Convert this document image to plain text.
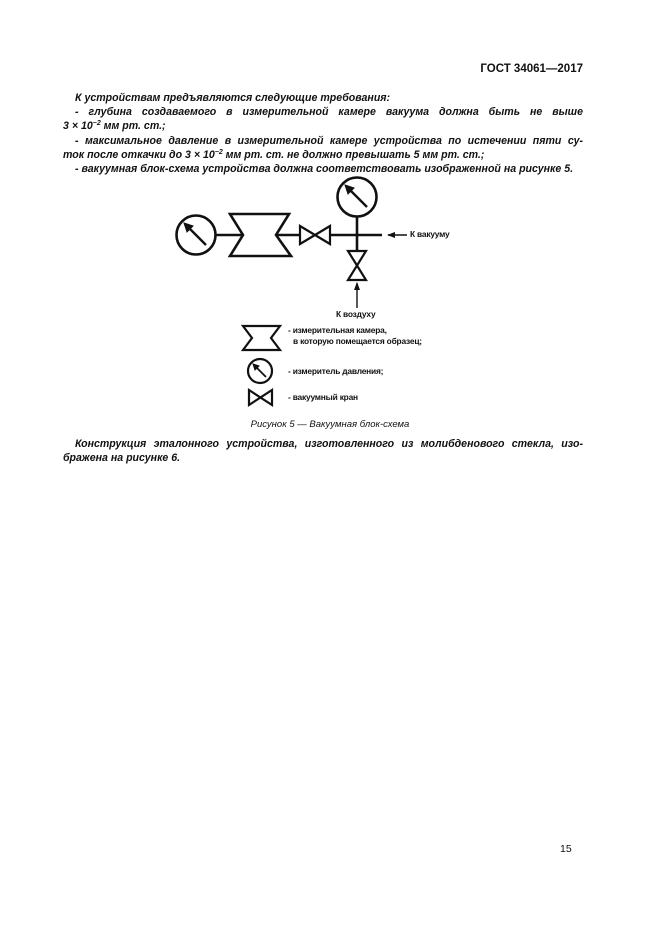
ГОСТ 34061—2017
К устройствам предъявляются следующие требования:
- глубина создаваемого в измерительной камере вакуума должна быть не выше
$3 \times 10^{-2}$ мм рт. ст.;
- максимальное давление в измерительной камере устройства по истечении пяти су-
ток после откачки до $3 \times 10^{-2}$ мм рт. ст. не должно превышать 5 мм рт. ст.;
- вакуумная блок-схема устройства должна соответствовать изображенной на рисунке 5.
К вакууму
К воздуху
- измерительная камера,
в которую помещается образец;
- измеритель давления;
- вакуумный кран
Рисунок 5 — Вакуумная блок-схема
Конструкция эталонного устройства, изготовленного из молибденового стекла, изо-
бражена на рисунке 6.
15
